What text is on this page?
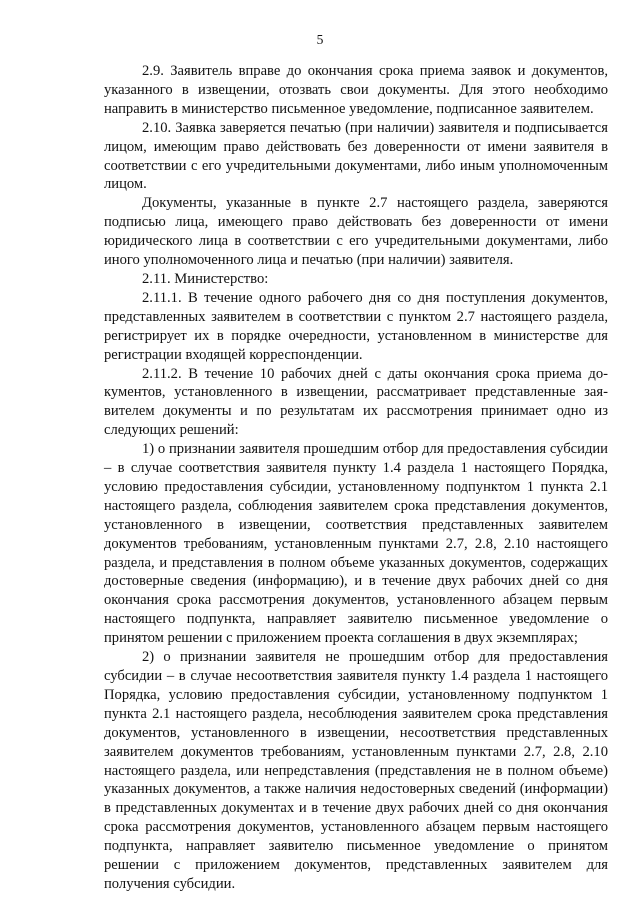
5

2.9. Заявитель вправе до окончания срока приема заявок и документов, указанного в извещении, отозвать свои документы. Для этого необходимо направить в министерство письменное уведомление, подписанное заявителем.

2.10. Заявка заверяется печатью (при наличии) заявителя и подписывается лицом, имеющим право действовать без доверенности от имени заявителя в соответствии с его учредительными документами, либо иным уполномоченным лицом.

Документы, указанные в пункте 2.7 настоящего раздела, заверяются подписью лица, имеющего право действовать без доверенности от имени юридического лица в соответствии с его учредительными документами, либо иного уполномоченного лица и печатью (при наличии) заявителя.

2.11. Министерство:

2.11.1. В течение одного рабочего дня со дня поступления документов, представленных заявителем в соответствии с пунктом 2.7 настоящего раздела, регистрирует их в порядке очередности, установленном в министерстве для регистрации входящей корреспонденции.

2.11.2. В течение 10 рабочих дней с даты окончания срока приема документов, установленного в извещении, рассматривает представленные заявителем документы и по результатам их рассмотрения принимает одно из следующих решений:

1) о признании заявителя прошедшим отбор для предоставления субсидии – в случае соответствия заявителя пункту 1.4 раздела 1 настоящего Порядка, условию предоставления субсидии, установленному подпунктом 1 пункта 2.1 настоящего раздела, соблюдения заявителем срока представления документов, установленного в извещении, соответствия представленных заявителем документов требованиям, установленным пунктами 2.7, 2.8, 2.10 настоящего раздела, и представления в полном объеме указанных документов, содержащих достоверные сведения (информацию), и в течение двух рабочих дней со дня окончания срока рассмотрения документов, установленного абзацем первым настоящего подпункта, направляет заявителю письменное уведомление о принятом решении с приложением проекта соглашения в двух экземплярах;

2) о признании заявителя не прошедшим отбор для предоставления субсидии – в случае несоответствия заявителя пункту 1.4 раздела 1 настоящего Порядка, условию предоставления субсидии, установленному подпунктом 1 пункта 2.1 настоящего раздела, несоблюдения заявителем срока представления документов, установленного в извещении, несоответствия представленных заявителем документов требованиям, установленным пунктами 2.7, 2.8, 2.10 настоящего раздела, или непредставления (представления не в полном объеме) указанных документов, а также наличия недостоверных сведений (информации) в представленных документах и в течение двух рабочих дней со дня окончания срока рассмотрения документов, установленного абзацем первым настоящего подпункта, направляет заявителю письменное уведомление о принятом решении с приложением документов, представленных заявителем для получения субсидии.
